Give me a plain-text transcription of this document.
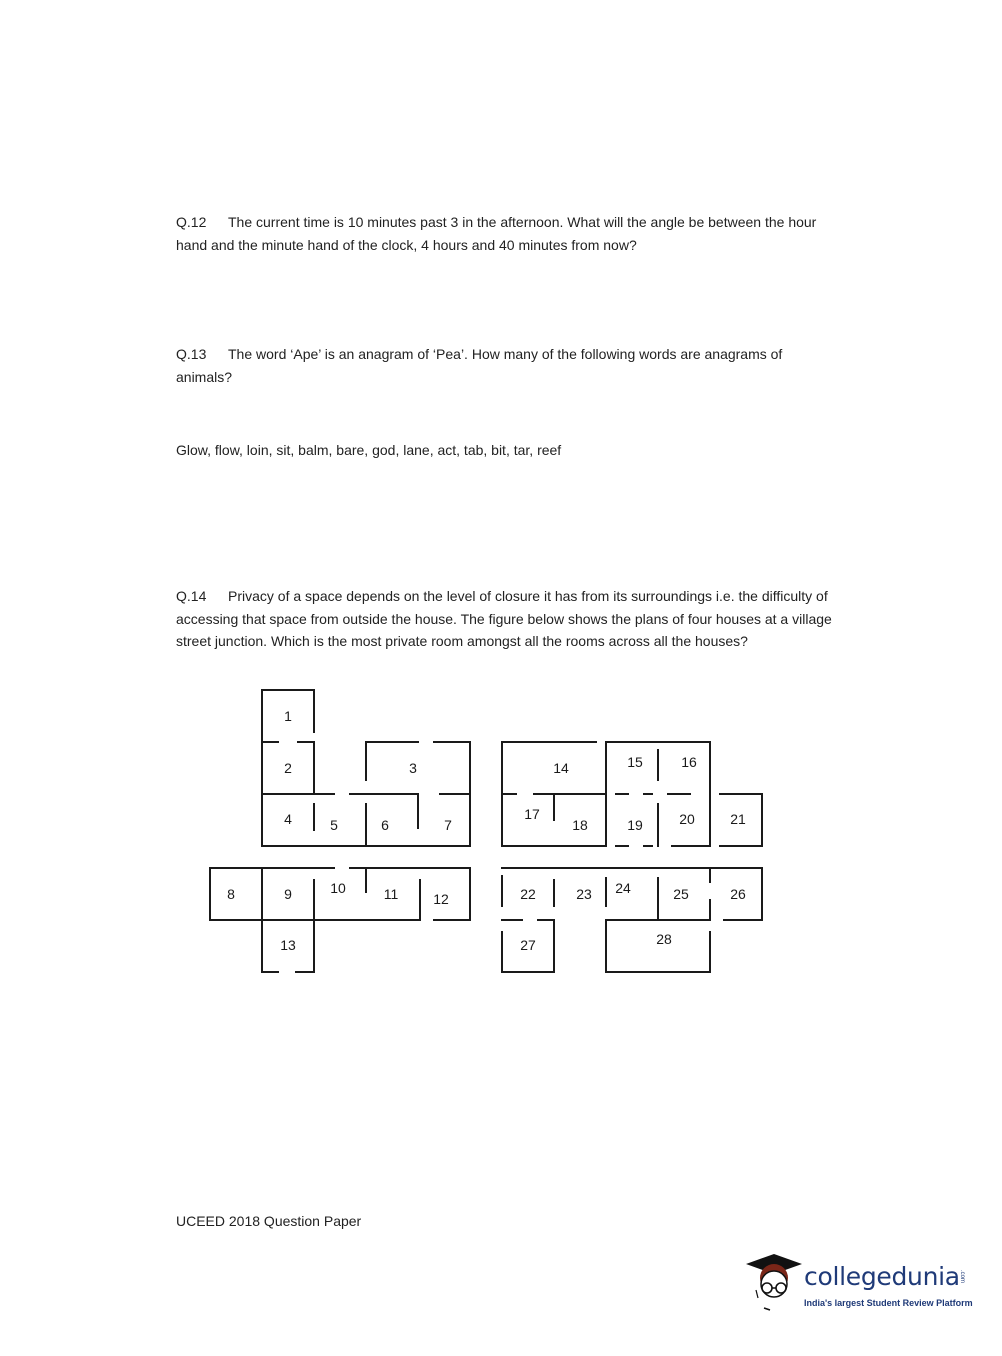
Q.12 The current time is 10 minutes past 3 in the afternoon. What will the angle be between the hour hand and the minute hand of the clock, 4 hours and 40 minutes from now?
Q.13 The word ‘Ape’ is an anagram of ‘Pea’. How many of the following words are anagrams of animals?
Glow, flow, loin, sit, balm, bare, god, lane, act, tab, bit, tar, reef
Q.14 Privacy of a space depends on the level of closure it has from its surroundings i.e. the difficulty of accessing that space from outside the house. The figure below shows the plans of four houses at a village street junction. Which is the most private room amongst all the rooms across all the houses?
1
2	3
4	5	6	7
8	9	10	11 12
13
14	15	16
17
18	19	20	21
22	23 24	25	26
27	28
UCEED 2018 Question Paper
collegedunia .com
India's largest Student Review Platform
